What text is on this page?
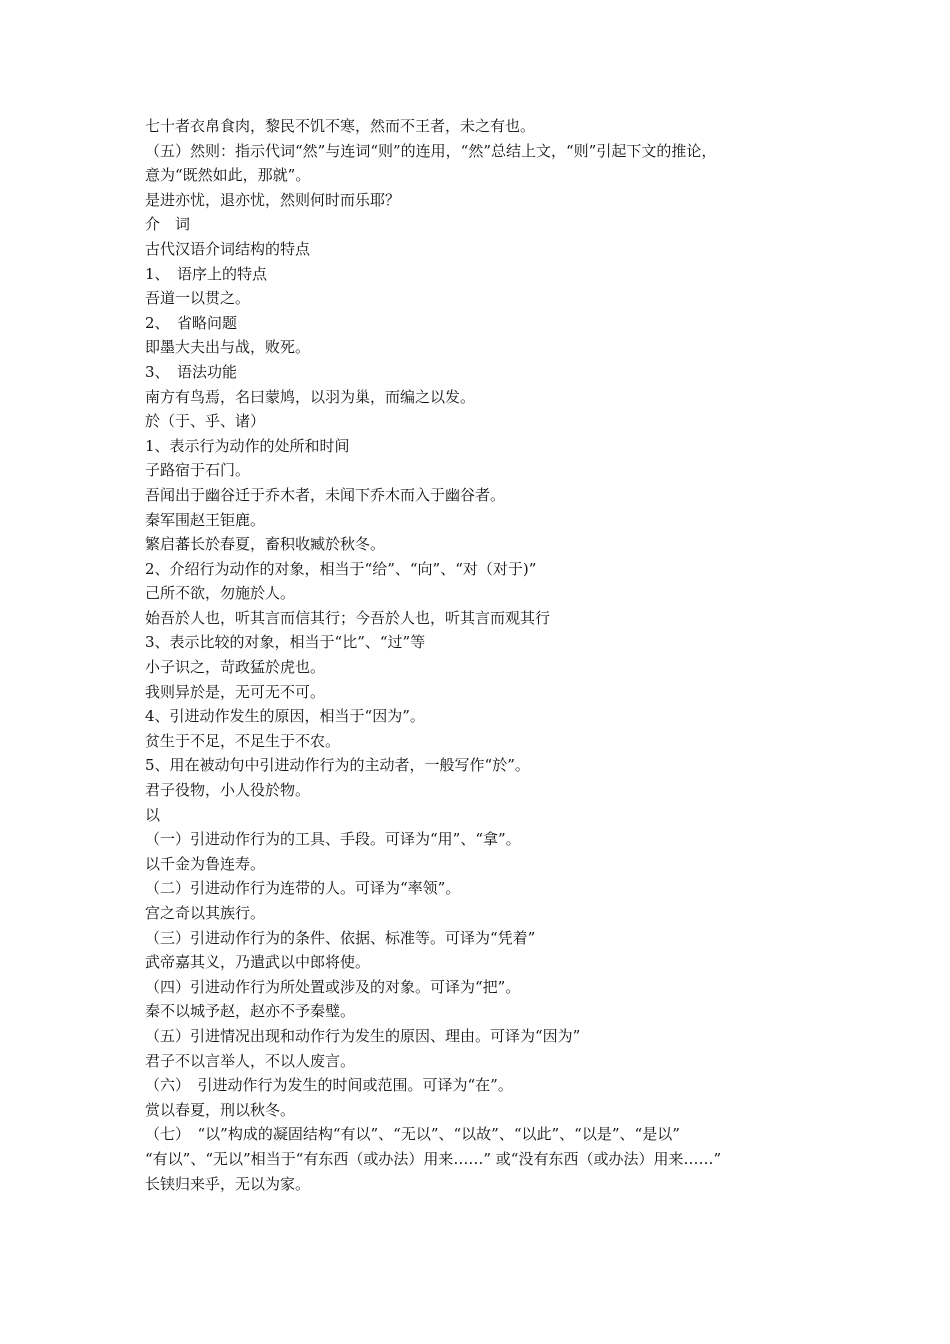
七十者衣帛食肉，黎民不饥不寒，然而不王者，未之有也。
（五）然则：指示代词“然”与连词“则”的连用，“然”总结上文，“则”引起下文的推论，
意为“既然如此，那就”。
是进亦忧，退亦忧，然则何时而乐耶？
介　词
古代汉语介词结构的特点
1、　语序上的特点
吾道一以贯之。
2、　省略问题
即墨大夫出与战，败死。
3、　语法功能
南方有鸟焉，名曰蒙鸠，以羽为巢，而编之以发。
於（于、乎、诸）
1、表示行为动作的处所和时间
子路宿于石门。
吾闻出于幽谷迁于乔木者，未闻下乔木而入于幽谷者。
秦军围赵王钜鹿。
繁启蕃长於春夏，畜积收臧於秋冬。
2、介绍行为动作的对象，相当于“给”、“向”、“对（对于)”
己所不欲，勿施於人。
始吾於人也，听其言而信其行；今吾於人也，听其言而观其行
3、表示比较的对象，相当于“比”、“过”等
小子识之，苛政猛於虎也。
我则异於是，无可无不可。
4、引进动作发生的原因，相当于“因为”。
贫生于不足，不足生于不农。
5、用在被动句中引进动作行为的主动者，一般写作“於”。
君子役物，小人役於物。
以
（一）引进动作行为的工具、手段。可译为“用”、“拿”。
以千金为鲁连寿。
（二）引进动作行为连带的人。可译为“率领”。
宫之奇以其族行。
（三）引进动作行为的条件、依据、标准等。可译为“凭着”
武帝嘉其义，乃遣武以中郎将使。
（四）引进动作行为所处置或涉及的对象。可译为“把”。
秦不以城予赵，赵亦不予秦璧。
（五）引进情况出现和动作行为发生的原因、理由。可译为“因为”
君子不以言举人，不以人废言。
（六）　引进动作行为发生的时间或范围。可译为“在”。
赏以春夏，刑以秋冬。
（七）　“以”构成的凝固结构“有以”、“无以”、“以故”、“以此”、“以是”、“是以”
“有以”、“无以”相当于“有东西（或办法）用来……” 或“没有东西（或办法）用来……”
长铗归来乎，无以为家。
